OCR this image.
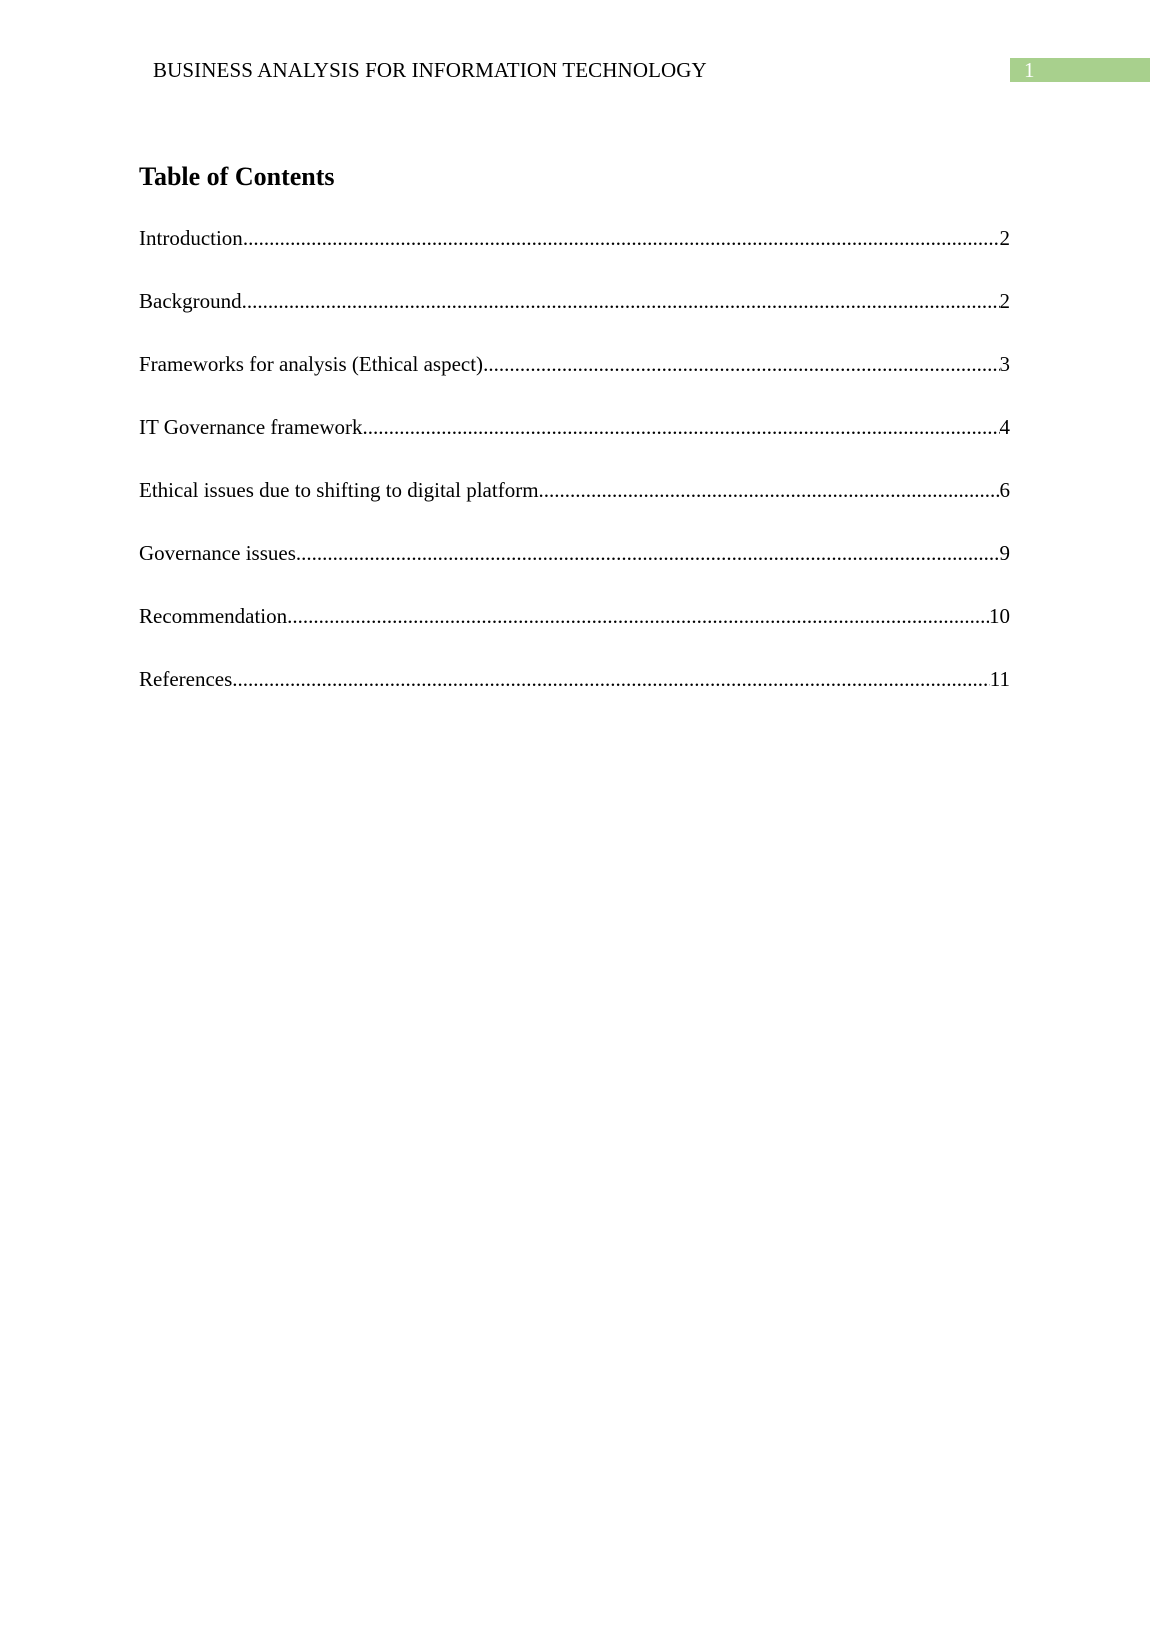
BUSINESS ANALYSIS FOR INFORMATION TECHNOLOGY	1
Table of Contents
Introduction .....	2
Background .....	2
Frameworks for analysis (Ethical aspect) .....	3
IT Governance framework .....	4
Ethical issues due to shifting to digital platform .....	6
Governance issues .....	9
Recommendation .....	10
References .....	11
